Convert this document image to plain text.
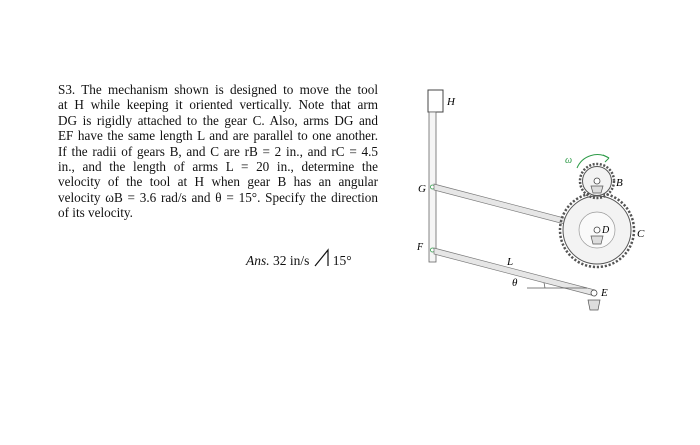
S3. The mechanism shown is designed to move the tool
at H while keeping it oriented vertically. Note that arm
DG is rigidly attached to the gear C. Also, arms DG and
EF have the same length L and are parallel to one another.
If the radii of gears B, and C are rB = 2 in., and rC = 4.5
in., and the length of arms L = 20 in., determine the
velocity of the tool at H when gear B has an angular
velocity ωB = 3.6 rad/s and θ = 15°. Specify the direction
of its velocity.
Ans. 32 in/s 15°
H
G
F
L
θ
E
D	C
B
ω
